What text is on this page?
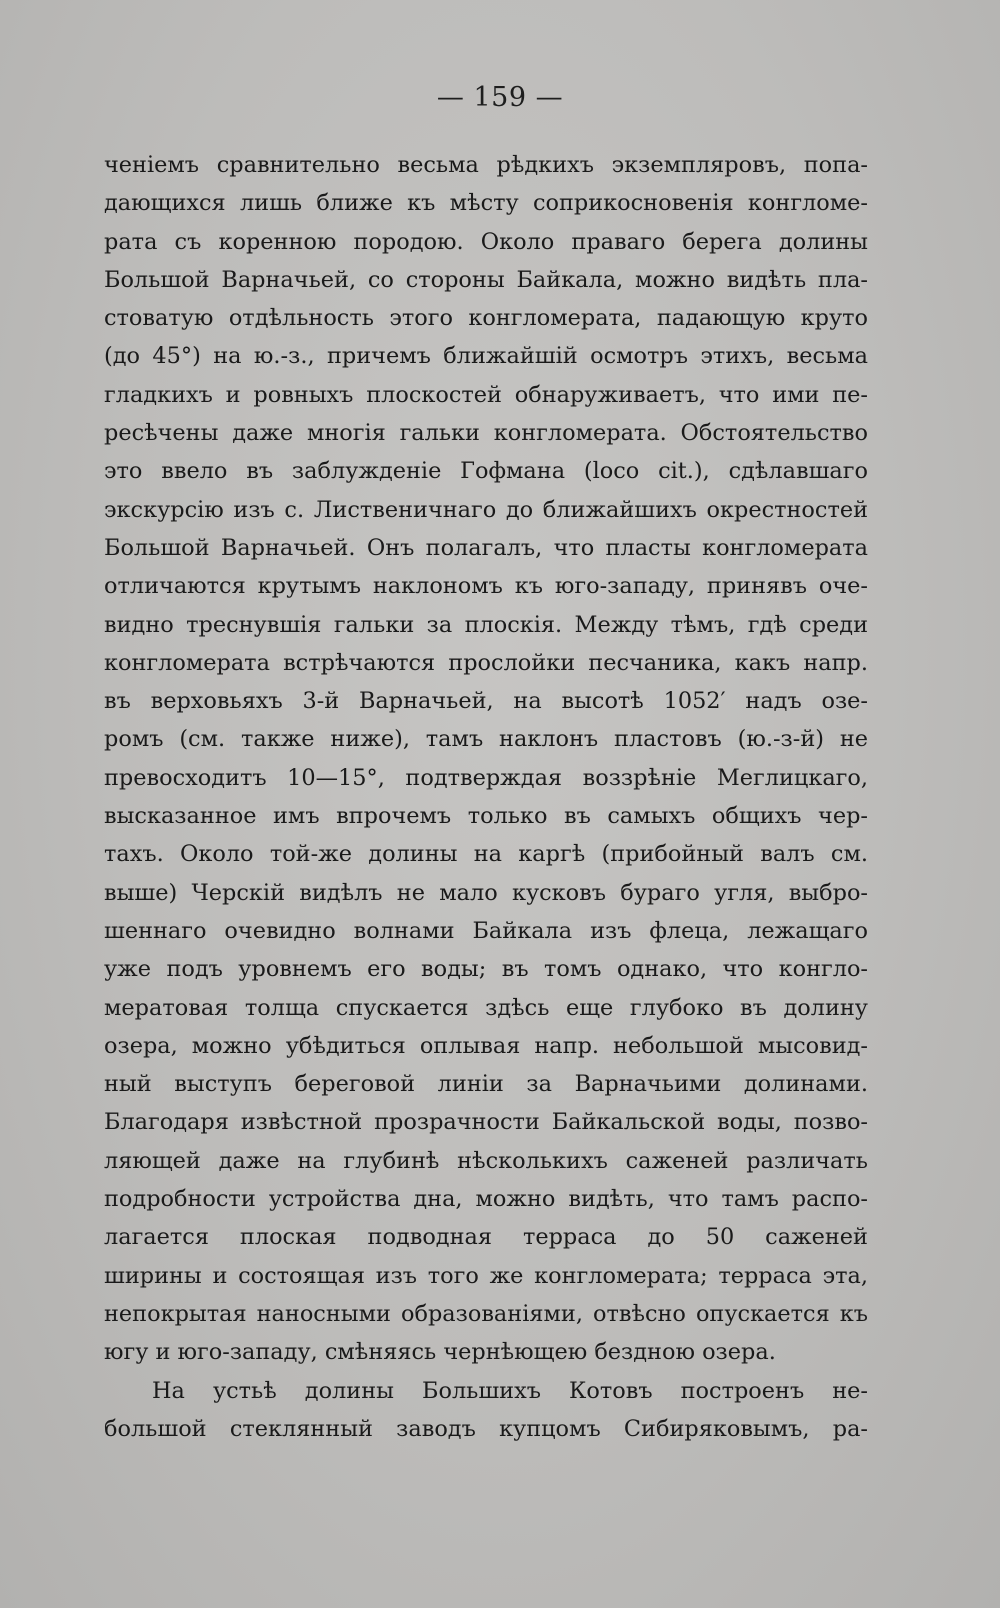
— 159 —
ченіемъ сравнительно весьма рѣдкихъ экземпляровъ, попа-
дающихся лишь ближе къ мѣсту соприкосновенія конгломе-
рата съ коренною породою. Около праваго берега долины
Большой Варначьей, со стороны Байкала, можно видѣть пла-
стоватую отдѣльность этого конгломерата, падающую круто
(до 45°) на ю.-з., причемъ ближайшій осмотръ этихъ, весьма
гладкихъ и ровныхъ плоскостей обнаруживаетъ, что ими пе-
ресѣчены даже многія гальки конгломерата. Обстоятельство
это ввело въ заблужденіе Гофмана (loco cit.), сдѣлавшаго
экскурсію изъ с. Лиственичнаго до ближайшихъ окрестностей
Большой Варначьей. Онъ полагалъ, что пласты конгломерата
отличаются крутымъ наклономъ къ юго-западу, принявъ оче-
видно треснувшія гальки за плоскія. Между тѣмъ, гдѣ среди
конгломерата встрѣчаются прослойки песчаника, какъ напр.
въ верховьяхъ 3-й Варначьей, на высотѣ 1052′ надъ озе-
ромъ (см. также ниже), тамъ наклонъ пластовъ (ю.-з-й) не
превосходитъ 10—15°, подтверждая воззрѣніе Меглицкаго,
высказанное имъ впрочемъ только въ самыхъ общихъ чер-
тахъ. Около той-же долины на каргѣ (прибойный валъ см.
выше) Черскій видѣлъ не мало кусковъ бураго угля, выбро-
шеннаго очевидно волнами Байкала изъ флеца, лежащаго
уже подъ уровнемъ его воды; въ томъ однако, что конгло-
мератовая толща спускается здѣсь еще глубоко въ долину
озера, можно убѣдиться оплывая напр. небольшой мысовид-
ный выступъ береговой линіи за Варначьими долинами.
Благодаря извѣстной прозрачности Байкальской воды, позво-
ляющей даже на глубинѣ нѣсколькихъ саженей различать
подробности устройства дна, можно видѣть, что тамъ распо-
лагается плоская подводная терраса до 50 саженей
ширины и состоящая изъ того же конгломерата; терраса эта,
непокрытая наносными образованіями, отвѣсно опускается къ
югу и юго-западу, смѣняясь чернѣющею бездною озера.
На устьѣ долины Большихъ Котовъ построенъ не-
большой стеклянный заводъ купцомъ Сибиряковымъ, ра-
